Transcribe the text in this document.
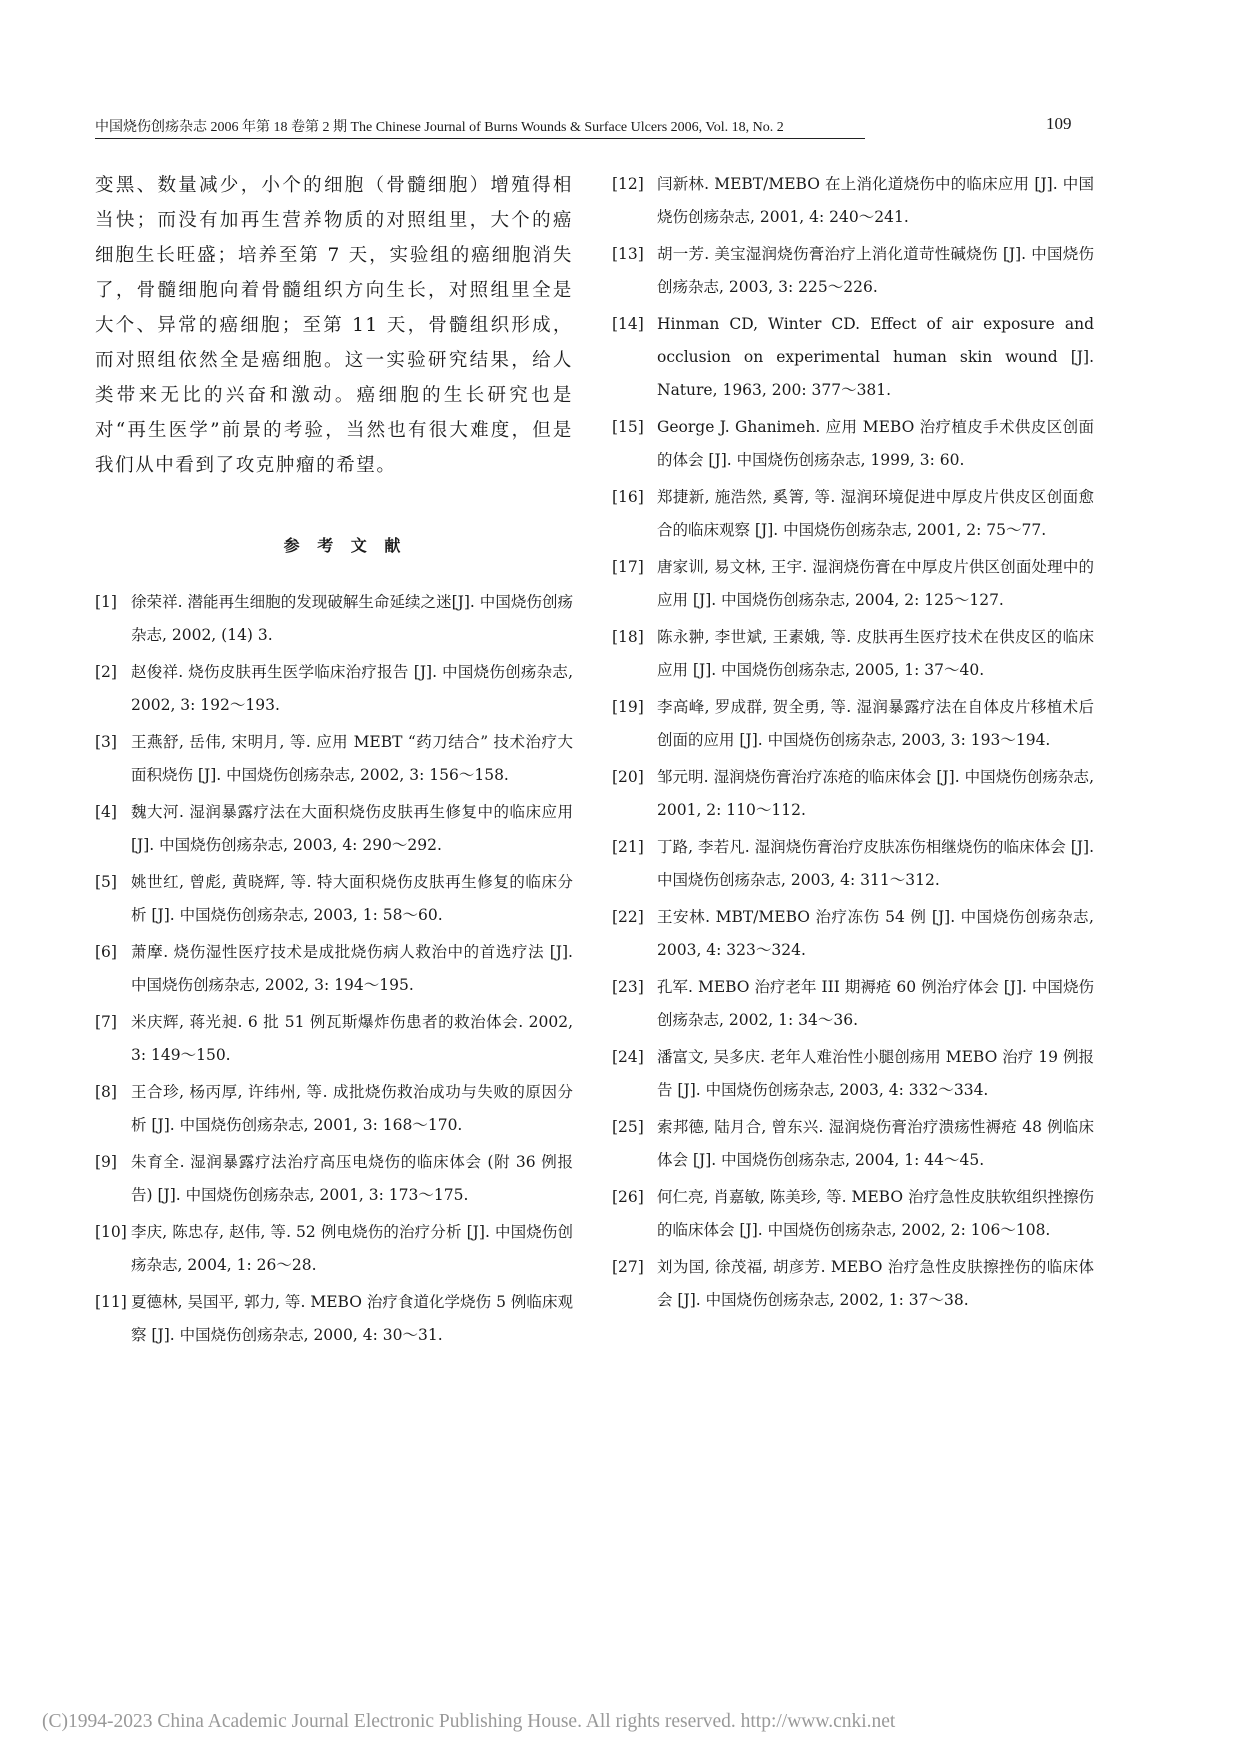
中国烧伤创疡杂志 2006 年第 18 卷第 2 期 The Chinese Journal of Burns Wounds & Surface Ulcers 2006, Vol. 18, No. 2	109

变黑、数量减少，小个的细胞（骨髓细胞）增殖得相当快；而没有加再生营养物质的对照组里，大个的癌细胞生长旺盛；培养至第 7 天，实验组的癌细胞消失了，骨髓细胞向着骨髓组织方向生长，对照组里全是大个、异常的癌细胞；至第 11 天，骨髓组织形成，而对照组依然全是癌细胞。这一实验研究结果，给人类带来无比的兴奋和激动。癌细胞的生长研究也是对“再生医学”前景的考验，当然也有很大难度，但是我们从中看到了攻克肿瘤的希望。

参 考 文 献
[1] 徐荣祥. 潜能再生细胞的发现破解生命延续之迷[J]. 中国烧伤创疡杂志, 2002, (14) 3.
[2] 赵俊祥. 烧伤皮肤再生医学临床治疗报告 [J]. 中国烧伤创疡杂志, 2002, 3: 192～193.
[3] 王燕舒, 岳伟, 宋明月, 等. 应用 MEBT “药刀结合” 技术治疗大面积烧伤 [J]. 中国烧伤创疡杂志, 2002, 3: 156～158.
[4] 魏大河. 湿润暴露疗法在大面积烧伤皮肤再生修复中的临床应用 [J]. 中国烧伤创疡杂志, 2003, 4: 290～292.
[5] 姚世红, 曾彪, 黄晓辉, 等. 特大面积烧伤皮肤再生修复的临床分析 [J]. 中国烧伤创疡杂志, 2003, 1: 58～60.
[6] 萧摩. 烧伤湿性医疗技术是成批烧伤病人救治中的首选疗法 [J]. 中国烧伤创疡杂志, 2002, 3: 194～195.
[7] 米庆辉, 蒋光昶. 6 批 51 例瓦斯爆炸伤患者的救治体会. 2002, 3: 149～150.
[8] 王合珍, 杨丙厚, 许纬州, 等. 成批烧伤救治成功与失败的原因分析 [J]. 中国烧伤创疡杂志, 2001, 3: 168～170.
[9] 朱育全. 湿润暴露疗法治疗高压电烧伤的临床体会 (附 36 例报告) [J]. 中国烧伤创疡杂志, 2001, 3: 173～175.
[10] 李庆, 陈忠存, 赵伟, 等. 52 例电烧伤的治疗分析 [J]. 中国烧伤创疡杂志, 2004, 1: 26～28.
[11] 夏德林, 吴国平, 郭力, 等. MEBO 治疗食道化学烧伤 5 例临床观察 [J]. 中国烧伤创疡杂志, 2000, 4: 30～31.
[12] 闫新林. MEBT/MEBO 在上消化道烧伤中的临床应用 [J]. 中国烧伤创疡杂志, 2001, 4: 240～241.
[13] 胡一芳. 美宝湿润烧伤膏治疗上消化道苛性碱烧伤 [J]. 中国烧伤创疡杂志, 2003, 3: 225～226.
[14] Hinman CD, Winter CD. Effect of air exposure and occlusion on experimental human skin wound [J]. Nature, 1963, 200: 377～381.
[15] George J. Ghanimeh. 应用 MEBO 治疗植皮手术供皮区创面的体会 [J]. 中国烧伤创疡杂志, 1999, 3: 60.
[16] 郑捷新, 施浩然, 奚箐, 等. 湿润环境促进中厚皮片供皮区创面愈合的临床观察 [J]. 中国烧伤创疡杂志, 2001, 2: 75～77.
[17] 唐家训, 易文林, 王宇. 湿润烧伤膏在中厚皮片供区创面处理中的应用 [J]. 中国烧伤创疡杂志, 2004, 2: 125～127.
[18] 陈永翀, 李世斌, 王素娥, 等. 皮肤再生医疗技术在供皮区的临床应用 [J]. 中国烧伤创疡杂志, 2005, 1: 37～40.
[19] 李高峰, 罗成群, 贺全勇, 等. 湿润暴露疗法在自体皮片移植术后创面的应用 [J]. 中国烧伤创疡杂志, 2003, 3: 193～194.
[20] 邹元明. 湿润烧伤膏治疗冻疮的临床体会 [J]. 中国烧伤创疡杂志, 2001, 2: 110～112.
[21] 丁路, 李若凡. 湿润烧伤膏治疗皮肤冻伤相继烧伤的临床体会 [J]. 中国烧伤创疡杂志, 2003, 4: 311～312.
[22] 王安林. MBT/MEBO 治疗冻伤 54 例 [J]. 中国烧伤创疡杂志, 2003, 4: 323～324.
[23] 孔军. MEBO 治疗老年 III 期褥疮 60 例治疗体会 [J]. 中国烧伤创疡杂志, 2002, 1: 34～36.
[24] 潘富文, 吴多庆. 老年人难治性小腿创疡用 MEBO 治疗 19 例报告 [J]. 中国烧伤创疡杂志, 2003, 4: 332～334.
[25] 索邦德, 陆月合, 曾东兴. 湿润烧伤膏治疗溃疡性褥疮 48 例临床体会 [J]. 中国烧伤创疡杂志, 2004, 1: 44～45.
[26] 何仁亮, 肖嘉敏, 陈美珍, 等. MEBO 治疗急性皮肤软组织挫擦伤的临床体会 [J]. 中国烧伤创疡杂志, 2002, 2: 106～108.
[27] 刘为国, 徐茂福, 胡彦芳. MEBO 治疗急性皮肤擦挫伤的临床体会 [J]. 中国烧伤创疡杂志, 2002, 1: 37～38.
(C)1994-2023 China Academic Journal Electronic Publishing House. All rights reserved. http://www.cnki.net
